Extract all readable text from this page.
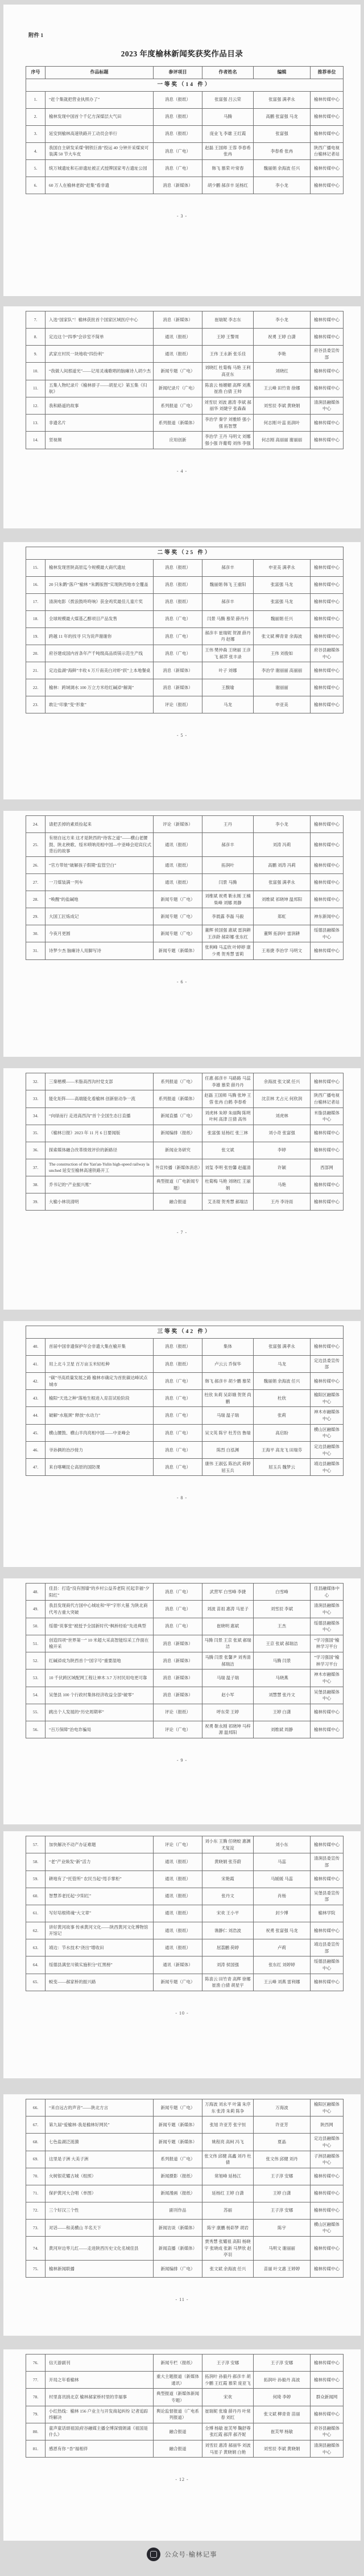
附件 1
2023 年度榆林新闻奖获奖作品目录
序号	作品标题	参评项目	作者姓名	编辑	推荐单位
一等奖（14 件）					
1.	“赶个集就把营业执照办了”	消息（报纸）	张富强 吕云荣	张富强 满孝永	榆林传媒中心
2.	榆林发现中国首个千亿方深煤层大气田	消息（报纸）	马腾	高鹏 张富强 马龙	榆林传媒中心
3.	延安到榆林高速铁路开工动员会举行	消息（报纸）	庞业飞 李雄 王红霞	张富强	榆林传媒中心
4.	我国自主研发采煤“钢铁巨兽”投运 40 分钟开采煤炭可装满 50 节大车皮	消息（广电）	赵磊 王国师 王蓉 李春希 张冉	李春希 张冉	陕西广播电视台榆林记者站
5.	统万城遗址和石峁遗址被正式授牌国家考古遗址公园	消息（广电）	韩飞 慕荣 叶常春	魏丽娟 余海波 任兴	榆林传媒中心
6.	60 万人在榆林老街“赶集”看非遗	消息（新媒体）	胡少鹏 郝彦丰 延杨红	李小龙	榆林传媒中心
- 3 -
7.	入选“国家队”！榆林获批首个国家区域医疗中心	消息（新媒体）	崔瑞妮 李志东	李小龙	榆林传媒中心
8.	定边这个“四季”会诊室不简单	通讯（报纸）	王婷 王警周	祝勇 王婷 白潇	榆林传媒中心
9.	武家庄村民一块地收“四份利”	通讯（报纸）	王伟 王永新 张乐佳	李艳	府谷县委宣传部
10.	“我做人间那道光”——记用灵魂歌唱的脑瘫诗人胡少杰	新闻专题（广电）	刘晓红 杜菊梅 马艳 王利 高亚东	刘晓红	榆林传媒中心
11.	五集人物纪录片《榆林骄子——胡星元》第五集《归航》	新闻纪录片（广电）	陈喜云 杨媚媚 高辉 刘燕 崔渔 白倩 王帅	王云峰 田竹青 徐娜	榆林传媒中心
12.	我和路遥的故事	系列报道（广电）	刘雪辰 刘波 惠涛 李斌 郝丽华 刘婕宇 张森森	刘雪辰 李斌 黄晓娟	清涧县融媒体中心
13.	非遗名片	系列报道（新媒体）	李治学 秦学 刘雅娇 强小强 拓智慧	何志刚 叶蕊 拓润叶	榆林传媒中心
14.	竖视频	应用创新	李治学 王丹 马明文 刘娜 强小强 许葡萄 刘伟 李强	何志刚 高丽丽 谢丽丽	榆林传媒中心
- 4 -
二等奖（25 件）					
15.	榆林发现晋陕高原迄今规模最大商代遗址	消息（报纸）	郝彦丰	申亚美 满孝永	榆林传媒中心
16.	20 只朱鹮“落户”榆林 “朱鹮版图”实现陕西地市全覆盖	消息（报纸）	魏丽娟 韩飞 王重阳	张富强 马龙	榆林传媒中心
17.	清涧电影《拨浪鼓咚咚响》获金鸡奖最佳儿童片奖	消息（报纸）	郝彦丰	张富强 马龙	榆林传媒中心
18.	全球规模最大煤基乙醇项目产品发售	消息（广电）	闫景 马腾 慕荣 薛丹丹	魏丽娟 任兴	榆林传媒中心
19.	跨越 11 年的找寻 只为说声谢谢你	消息（广电）	郝彦丰 崔瑞妮 贺源 薛丹丹 赵娜	张文斌 柳青青 余海波	榆林传媒中心
20.	府谷建成国内首条年产千吨级高品质镁示范生产线	消息（广电）	王伟 樊仲森 王晓丽 王彦飞 郝萍 张丰录	王伟 刘俊如	府谷县融媒体中心
21.	定边盐湖“海鲜”丰收 6 万斤南美白对虾“跃”上本地餐桌	消息（新媒体）	叶子 刘娜	李治学 谢丽丽 高丽丽	榆林传媒中心
22.	榆林：跨域调水 100 万立方米给红碱淖“解渴”	消息（新媒体）	王馥瑜	谢丽丽	榆林传媒中心
23.	敢让“印象”变“形象”	评论（报纸）	马龙	申亚美	榆林传媒中心
- 5 -
24.	请把丢掉的素质捡起来	评论（新媒体）	王丹	李小龙	榆林传媒中心
25.	有朋自远方来 这才是陕西的“待客之道”——横山老腰鼓、陕北秧歌、绥米唢呐亮相中国—中亚峰会迎宾仪式背后的故事	通讯（报纸）	郝彦丰	刘涛 冯莉	榆林传媒中心
26.	“官方带娃”破解孩子假期“监管空白”	通讯（报纸）	拓润叶	高鹏 刘涛 冯莉	榆林传媒中心
27.	一刀煤装满一列车	通讯（报纸）	闫景 马腾	张富强 满孝永	榆林传媒中心
28.	“唤醒”的盐碱地	新闻专题（广电）	刘维斌 祝勇 靳永刚 王楠 柴峰 刘娜 周静	刘维斌 祁晓坤 温邦阳	榆林传媒中心
29.	大国工匠炼成记	新闻专题（广电）	李晨露 李磊 马毅	郑虹	神东新闻中心
30.	今夜月更圆	新闻专题（广电）	董辉 侯国强 惠斌 雷润耕 王彦龄 郝彩娜 张东红	董辉 拓润叶 雷润耕	绥德县融媒体中心
31.	诗梦少杰 脑瘫诗人用脚写诗	新闻专题（新媒体）	张利峰 马孟欣 叶婷婷 康少勇 贺秀慧 雷莉	王易捷 李治学 马明文	榆林传媒中心
- 6 -
32.	三秦楷模——米脂高西沟村党支部	系列报道（广电）	任惠 郝彦丰 马路路 马蕊 李雄 慕荣 薛丹丹	余海波 张文斌 任兴	榆林传媒中心
33.	能化矩阵——高端能化看榆林 创新驱动争一流	系列报道（新媒体）	赵磊 王国师 马腾 张坤 王蓉 张冉 白鹤 李春希	沈京林 尤占元 何欣润	陕西广播电视台榆林记者站
34.	“向绿而行 走进高西沟”首个全国生态日直播	新闻直播（广电）	刘虎林 朱婷 朱丽陶 陈明 叶柯 高津 汪倩 高伟	刘虎林	米脂县融媒体中心
35.	《榆林日报》2023 年 11 月 6 日要闻版	新闻编排（报纸）	张富强 延杨红 张三林	刘小奇 张富强	榆林传媒中心
36.	探索媒体融合改革绩效评价的新路径	新闻业务研究	张文斌	李婷	榆林传媒中心
37.	The construction of the Yan'an-Yulin high-speed railway launched 延安至榆林高速铁路开工	外宣传播（新媒体消息）	刘玺 李明 张怡馨 赵蕴清	许颖	西部网
38.	乔书记的“产业振兴账”	典型报道（广电新闻专题）	杜菊梅 马艳 刘晓红 王丽娟	马艳	榆林传媒中心
39.	大榆小林说清明	融合报道	艾圣琨 贺秀慧 郝瑞洁	王丹 李诗雨	榆林传媒中心
- 7 -
三等奖（42 件）					
40.	首届中国非遗保护年会非遗大集在榆开集	消息（报纸）	集体	张富强 满孝永	榆林传媒中心
41.	用上北斗卫星 百万亩玉米轻松种	消息（报纸）	卢云云 乔保华	马龙	定边县委宣传部
42.	“碳”寻高质量发展之路 榆林市确定为首批碳达峰试点城市	消息（广电）	韩飞 郝彦丰 胡少鹏 慕荣	魏丽娟 余海波 任兴	榆林传媒中心
43.	榆阳“天选之种”落地生根进入育苗试验阶段	消息（广电）	杜欣 朱莉 吴彩娥 贺贤 尚鹏	杜欣	榆阳区融媒体中心
44.	破解“水瓶颈” 释放“水动力”	消息（广电）	马瑞 温子瑞	张莉	神木市融媒体中心
45.	横山腰鼓、横山羊肉亮相中国——中亚峰会	消息（广电）	吴文英 陈宇 杜芳仿 鲁瑞	高启盼	横山区融媒体中心
46.	爷孙俩的治沙接力	消息（广电）	陈烈 白泓渊	王海平 高龙飞 田瑞芬	定边县融媒体中心
47.	来自喀喇昆仑高原的国防课	消息（广电）	康伟 王淑弘 陈治武 荷婷 屈玉兵	屈玉兵 魏梦云	靖边县融媒体中心
- 8 -
48.	佳县：打造“没有围墙”的乡村公益养老院 托起幸福“夕阳红”	消息（广电）	武营军 白雪峰 李捷	白雪峰	佳县融媒体中心
49.	我县发现商代方国中心城址和“甲”字形大墓 为陕北商代考古重大突破	消息（广电）	刘波 苗祖 惠涛 马星子	刘雪辰 李斌	清涧县融媒体中心
50.	绥德“说事堂”被授予全国新时代“枫桥经验”先进典型	消息（广电）	崔晓明 惠斌	王杰	绥德县融媒体中心
51.	创造四项“世界第一” 10 米超大采高智能综采工作面在榆开采	消息（新媒体）	马腾 闫景 王京 张斌 郝瑞洁	王京 张斌 郝瑞洁	“学习强国”榆林学习平台
52.	红碱淖成为陕西首个“国字号”重要湿地	消息（新媒体）	马腾 闫景 张馨尹 刘秀清 郝瑞洁	马腾 闫景	“学习强国”榆林学习平台
53.	10 千伏跨区域配网工程让神木 3.7 万村民用电更可靠	消息（新媒体）	马瑞 温子瑞	马晓燕	神木市融媒体中心
54.	吴堡县 100 个行政村集体经济收益全部“破零”	消息（新媒体）	赵小军	刘慧慧 张丹文	吴堡县融媒体中心
55.	跳出个人发展的“历史周期率”	评论（报纸）	呼东荣 王婷	王婷 白潇	榆林传媒中心
56.	“百万保障”治电诈骗局	评论（广电）	祝勇 靳永刚 祁晓坤 马梓源 温邦阳	刘维斌 周静	榆林传媒中心
- 9 -
57.	加快解决不动产办证难题	评论（广电）	刘小东 王腾 任晓蛟 惠渊 尤复淀	刘小东	榆林传媒中心
58.	“老”产业焕发“新”活力	通讯（报纸）	黄晓娟 张芬蔚	马蕊	清涧县委宣传部
59.	耕地有了“托管所” 农民当起“甩手掌柜”	通讯（报纸）	宋艳霞	马媛媛 马蕊	榆林传媒中心
60.	智慧养老托起“夕阳红”	通讯（报纸）	张丹文	肖杨	吴堡县委宣传部
61.	写好培根铸魂“大文章”	通讯（报纸）	宋欢 王小平	封少博	榆林学院
62.	讲好黄河故事 传承黄河文化——陕西黄河文化博物馆开馆记	通讯（报纸）	谯静仁 刘浩波	祝勇 张富强 马龙	榆林传媒中心
63.	靖边：节水技术“浇出”增收田	通讯（报纸）	屈荔鹏 荷婷	卢莉	靖边县委宣传部
64.	绥德县满堂川镇实施积分“红黑榜”	通讯（新媒体）	刘涛 侯国强	张东红 刘婷婷	绥德县融媒体中心
65.	蜕变——郝家桥的振兴路	新闻专题（广电）	陈喜云 田竹青 高辉 徐娜 崔渔 白倩 胡星宇	王云峰 刘燕 雷利娜	榆林传媒中心
- 10 -
66.	“来自远古的声音”——陕北方言	新闻专题（广电）	万海波 刘永平 叶蒲 朱序东 张涛 朱莉 陈争	万海波	榆阳区融媒体中心
67.	第九届“爱榆林·我是榆林好网民”	新闻专题（新媒体）	张旭 许亚芳 张宇恒	许亚芳	陕西网
68.	七色盐湖泛涟漪	新闻专题（新媒体）	姚程亮 高柯 冯飞	夏晶	定边县融媒体中心
69.	这里是子洲 大美子洲	系列报道（广电）	张文伟 邱健 高鑫 刘丹 杜倩	张文伟 邱健 刘丹	子洲县融媒体中心
70.	火树银花耀古城（组照）	新闻摄影（报纸）	常旭峰 延杨江	王子淳 安娜	榆林传媒中心
71.	保护黄河大合唱（单图）	新闻漫画（报纸）	延杨红 王婷 白潇	王婷 白潇	榆林传媒中心
72.	三个好汉三个性	副刊作品	苏丽	王子淳 安娜	榆林传媒中心
73.	对话——和美横山 羊名天下	新闻访谈（新媒体）	陈宇 康鹏 杨彩梦 胡岩	陈宇	横山区融媒体中心
74.	黄河岸边枣儿红——走进陕西历史文化名城佳县	新闻直播（新媒体）	贾秀慧 张耀祖 高阳 杨晓宇 张晓成 张新 马梦欣 赵亭羽	马明文 谢丽丽	榆林传媒中心
75.	榆林新闻联播	新闻编排（广电）	张文斌 余海波 任兴	苗丽 叶文惠 王婷婷	榆林传媒中心
- 11 -
76.	信天游副刊	新闻专栏（报纸）	王子淳 安娜	王子淳 安娜	榆林传媒中心
77.	开局之年看榆林	重大主题报道（新媒体通讯）	拓润叶 孙毅丹 郝彦丰 胡少鹏 王红霞 慕荣 庞亚飞	拓润叶 孙毅丹 高波	榆林传媒中心
78.	村里喜讯捎北京 榆林郝家桥村里的幸福事	典型报道（新媒体新闻专题）	宋欢	何琦 李婷	群众新闻网
79.	小红热线：榆林 156 户业主与开发商起纠纷 记者追踪终解决	舆论监督报道（广电系列报道）	崔瑞妮 张瑜 薛丹丹 叶常春 刘红	张文斌 柳青青 苗丽	榆林传媒中心
80.	童声童话颂祖国|府谷融媒主播全博深情朗诵《祖国是什么》	融合报道	全博 杨敏 崔芙琴 鞠舒尊 张红霞 郝萍 郝齐妮	崔芙琴 杨敏	府谷县融媒体中心
81.	感恩有你 “杏”福相伴	融合报道	刘雪辰 惠涛 郝丽华 刘波 马星子 黄晓娟 白艳	刘雪辰 李斌 黄晓娟	清涧县融媒体中心
- 12 -
公众号·榆林记事
